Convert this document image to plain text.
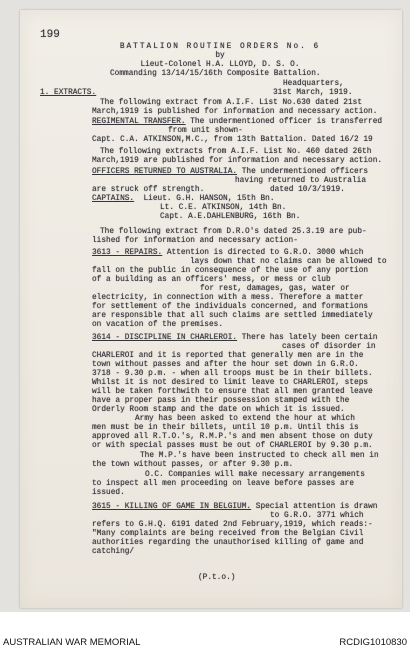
199
BATTALION ROUTINE ORDERS No. 6
by
Lieut-Colonel H.A. LLOYD, D. S. O.
Commanding 13/14/15/16th Composite Battalion.
Headquarters,
1. EXTRACTS.	31st March, 1919.
The following extract from A.I.F. List No.630 dated 21st
March,1919 is published for information and necessary action.
REGIMENTAL TRANSFER. The undermentioned officer is transferred
from unit shown-
Capt. C.A. ATKINSON,M.C., from 13th Battalion. Dated 16/2 19
The following extracts from A.I.F. List No. 460 dated 26th
March,1919 are published for information and necessary action.
OFFICERS RETURNED TO AUSTRALIA. The undermentioned officers
having returned to Australia
are struck off strength.	dated 10/3/1919.
CAPTAINS.  Lieut. G.H. HANSON, 15th Bn.
Lt. C.E. ATKINSON, 14th Bn.
Capt. A.E.DAHLENBURG, 16th Bn.
The following extract from D.R.O's dated 25.3.19 are pub-
lished for information and necessary action-
3613 - REPAIRS. Attention is directed to G.R.O. 3000 which
lays down that no claims can be allowed to
fall on the public in consequence of the use of any portion
of a building as an officers' mess, or mess or club
for rest, damages, gas, water or
electricity, in connection with a mess. Therefore a matter
for settlement of the individuals concerned, and formations
are responsible that all such claims are settled immediately
on vacation of the premises.
3614 - DISCIPLINE IN CHARLEROI. There has lately been certain
cases of disorder in
CHARLEROI and it is reported that generally men are in the
town without passes and after the hour set down in G.R.O.
3718 - 9.30 p.m. - when all troops must be in their billets.
Whilst it is not desired to limit leave to CHARLEROI, steps
will be taken forthwith to ensure that all men granted leave
have a proper pass in their possession stamped with the
Orderly Room stamp and the date on which it is issued.
Army has been asked to extend the hour at which
men must be in their billets, until 10 p.m. Until this is
approved all R.T.O.'s, R.M.P.'s and men absent those on duty
or with special passes must be out of CHARLEROI by 9.30 p.m.
The M.P.'s have been instructed to check all men in
the town without passes, or after 9.30 p.m.
O.C. Companies will make necessary arrangements
to inspect all men proceeding on leave before passes are
issued.
3615 - KILLING OF GAME IN BELGIUM. Special attention is drawn
to G.R.O. 3771 which
refers to G.H.Q. 6191 dated 2nd February,1919, which reads:-
"Many complaints are being received from the Belgian Civil
authorities regarding the unauthorised killing of game and
catching/
(P.t.o.)
AUSTRALIAN WAR MEMORIAL	RCDIG1010830
